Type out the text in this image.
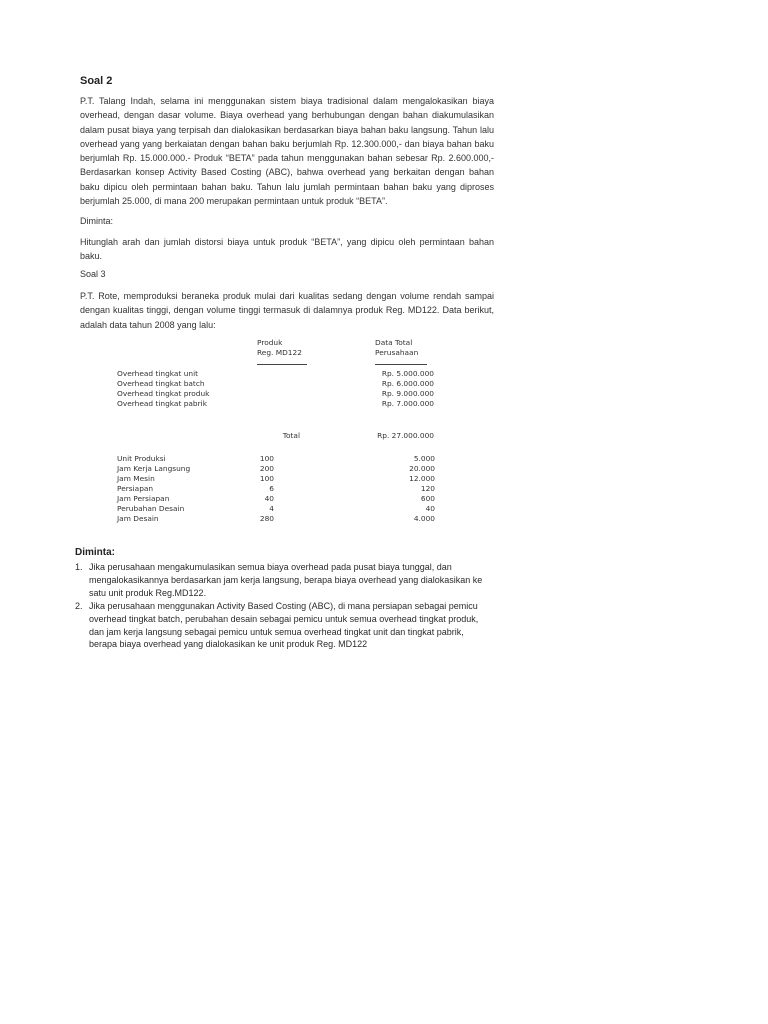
Soal 2
P.T. Talang Indah, selama ini menggunakan sistem biaya tradisional dalam mengalokasikan biaya overhead, dengan dasar volume. Biaya overhead yang berhubungan dengan bahan diakumulasikan dalam pusat biaya yang terpisah dan dialokasikan berdasarkan biaya bahan baku langsung. Tahun lalu overhead yang yang berkaiatan dengan bahan baku berjumlah Rp. 12.300.000,- dan biaya bahan baku berjumlah Rp. 15.000.000.- Produk “BETA” pada tahun menggunakan bahan sebesar Rp. 2.600.000,- Berdasarkan konsep Activity Based Costing (ABC), bahwa overhead yang berkaitan dengan bahan baku dipicu oleh permintaan bahan baku. Tahun lalu jumlah permintaan bahan baku yang diproses berjumlah 25.000, di mana 200 merupakan permintaan untuk produk “BETA”.
Diminta:
Hitunglah arah dan jumlah distorsi biaya untuk produk “BETA”, yang dipicu oleh permintaan bahan baku.
Soal 3
P.T. Rote, memproduksi beraneka produk mulai dari kualitas sedang dengan volume rendah sampai dengan kualitas tinggi, dengan volume tinggi termasuk di dalamnya produk Reg. MD122. Data berikut, adalah data tahun 2008 yang lalu:
Produk
Reg. MD122
Data Total
Perusahaan
Overhead tingkat unit	Rp. 5.000.000
Overhead tingkat batch	Rp. 6.000.000
Overhead tingkat produk	Rp. 9.000.000
Overhead tingkat pabrik	Rp. 7.000.000
Total	Rp. 27.000.000
Unit Produksi	100	5.000
Jam Kerja Langsung	200	20.000
Jam Mesin	100	12.000
Persiapan	6	120
Jam Persiapan	40	600
Perubahan Desain	4	40
Jam Desain	280	4.000
Diminta:
1. Jika perusahaan mengakumulasikan semua biaya overhead pada pusat biaya tunggal, dan mengalokasikannya berdasarkan jam kerja langsung, berapa biaya overhead yang dialokasikan ke satu unit produk Reg.MD122.
2. Jika perusahaan menggunakan Activity Based Costing (ABC), di mana persiapan sebagai pemicu overhead tingkat batch, perubahan desain sebagai pemicu untuk semua overhead tingkat produk, dan jam kerja langsung sebagai pemicu untuk semua overhead tingkat unit dan tingkat pabrik, berapa biaya overhead yang dialokasikan ke unit produk Reg. MD122
